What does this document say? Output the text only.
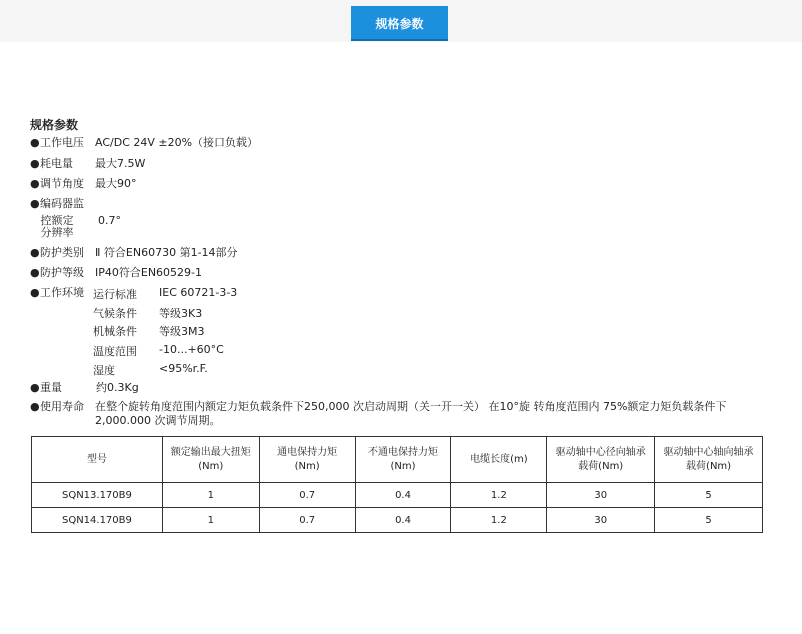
规格参数
规格参数
● 工作电压 AC/DC 24V ±20%（接口负载）
● 耗电量 最大7.5W
● 调节角度 最大90°
● 编码器监
控额定分辨率
0.7°
● 防护类别 Ⅱ 符合EN60730 第1-14部分
● 防护等级 IP40符合EN60529-1
● 工作环境 运行标准 IEC 60721-3-3
气候条件 等级3K3
机械条件 等级3M3
温度范围 -10...+60°C
湿度	<95%r.F.
● 重量	约0.3Kg
● 使用寿命 在整个旋转角度范围内额定力矩负载条件下250,000 次启动周期（关一开一关） 在10°旋 转角度范围内 75%额定力矩负载条件下 2,000.000 次调节周期。
型号	额定输出最大扭矩(Nm)	通电保持力矩 (Nm)	不通电保持力矩(Nm)	电缆长度(m)	驱动轴中心径向轴承载荷(Nm)	驱动轴中心轴向轴承载荷(Nm)
SQN13.170B9	1	0.7	0.4	1.2	30	5
SQN14.170B9	1	0.7	0.4	1.2	30	5
